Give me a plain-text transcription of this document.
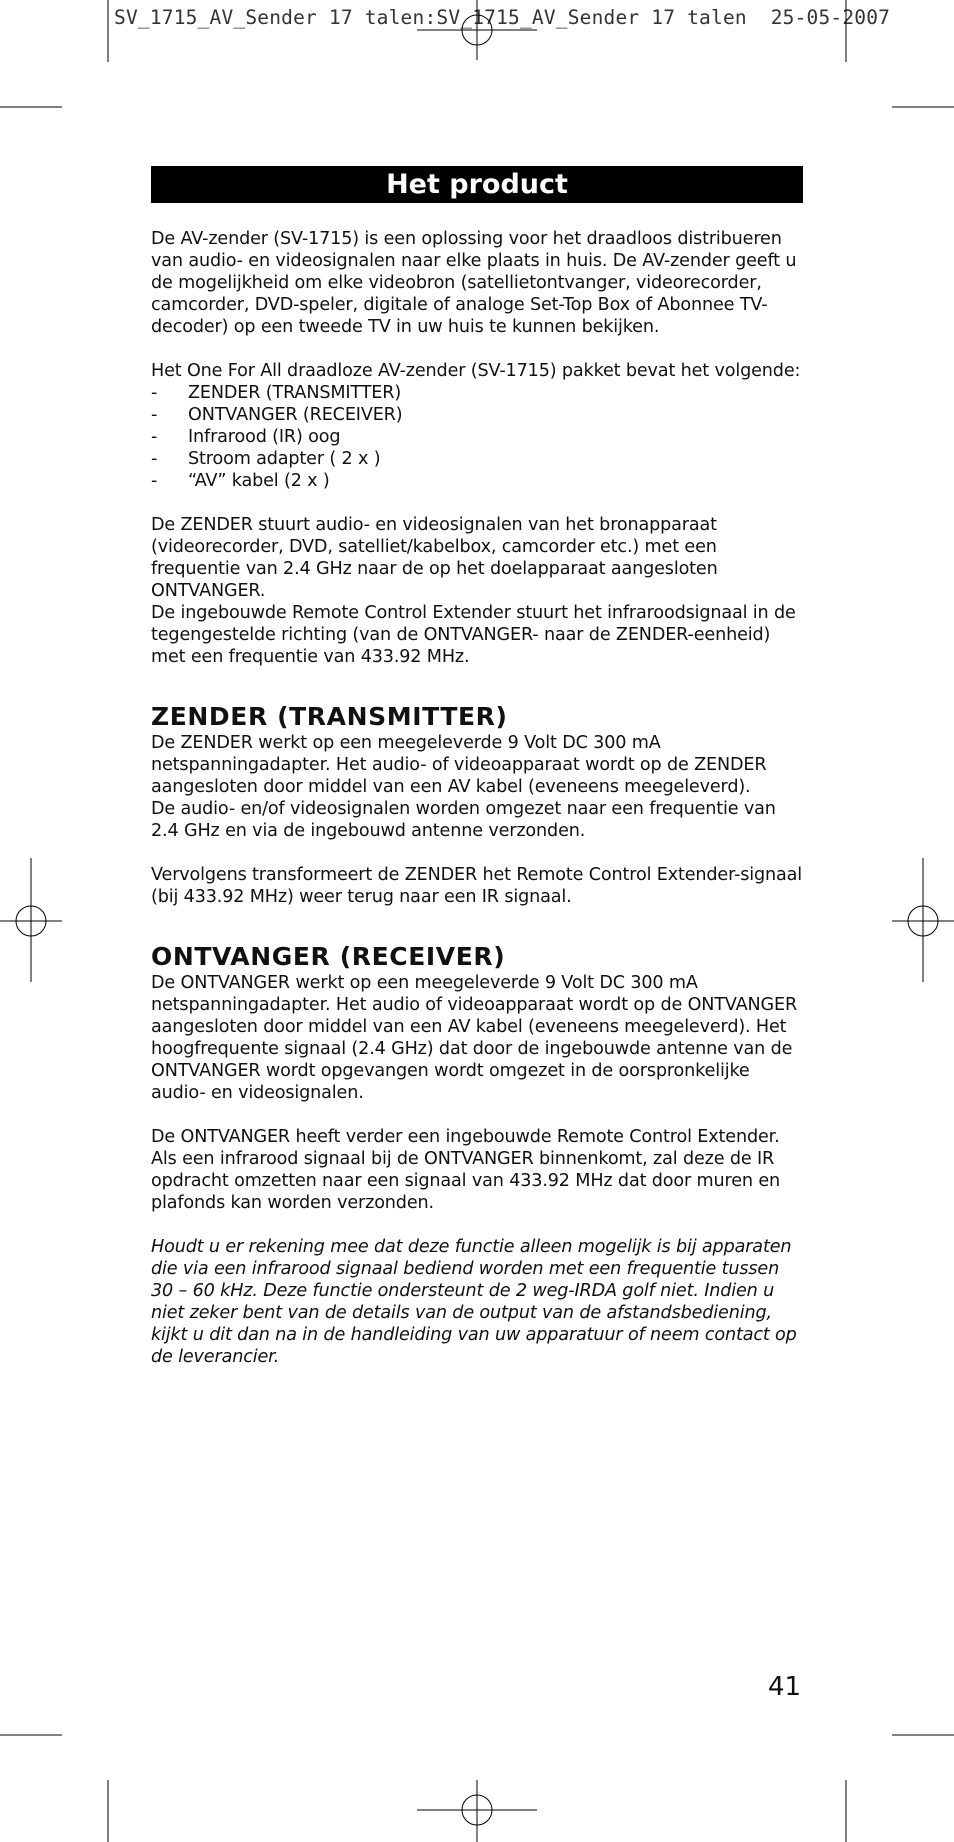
SV_1715_AV_Sender 17 talen:SV_1715_AV_Sender 17 talen  25-05-2007
Het product

De AV-zender (SV-1715) is een oplossing voor het draadloos distribueren van audio- en videosignalen naar elke plaats in huis. De AV-zender geeft u de mogelijkheid om elke videobron (satellietontvanger, videorecorder, camcorder, DVD-speler, digitale of analoge Set-Top Box of Abonnee TV-decoder) op een tweede TV in uw huis te kunnen bekijken.

Het One For All draadloze AV-zender (SV-1715) pakket bevat het volgende:

- ZENDER (TRANSMITTER)
- ONTVANGER (RECEIVER)
- Infrarood (IR) oog
- Stroom adapter ( 2 x )
- “AV” kabel (2 x )

De ZENDER stuurt audio- en videosignalen van het bronapparaat (videorecorder, DVD, satelliet/kabelbox, camcorder etc.) met een frequentie van 2.4 GHz naar de op het doelapparaat aangesloten ONTVANGER.

De ingebouwde Remote Control Extender stuurt het infraroodsignaal in de tegengestelde richting (van de ONTVANGER- naar de ZENDER-eenheid) met een frequentie van 433.92 MHz.

ZENDER (TRANSMITTER)

De ZENDER werkt op een meegeleverde 9 Volt DC 300 mA netspanningadapter. Het audio- of videoapparaat wordt op de ZENDER aangesloten door middel van een AV kabel (eveneens meegeleverd).

De audio- en/of videosignalen worden omgezet naar een frequentie van 2.4 GHz en via de ingebouwd antenne verzonden.

Vervolgens transformeert de ZENDER het Remote Control Extender-signaal (bij 433.92 MHz) weer terug naar een IR signaal.

ONTVANGER (RECEIVER)

De ONTVANGER werkt op een meegeleverde 9 Volt DC 300 mA netspanningadapter. Het audio of videoapparaat wordt op de ONTVANGER aangesloten door middel van een AV kabel (eveneens meegeleverd). Het hoogfrequente signaal (2.4 GHz) dat door de ingebouwde antenne van de ONTVANGER wordt opgevangen wordt omgezet in de oorspronkelijke audio- en videosignalen.

De ONTVANGER heeft verder een ingebouwde Remote Control Extender. Als een infrarood signaal bij de ONTVANGER binnenkomt, zal deze de IR opdracht omzetten naar een signaal van 433.92 MHz dat door muren en plafonds kan worden verzonden.

Houdt u er rekening mee dat deze functie alleen mogelijk is bij apparaten die via een infrarood signaal bediend worden met een frequentie tussen 30 – 60 kHz. Deze functie ondersteunt de 2 weg-IRDA golf niet. Indien u niet zeker bent van de details van de output van de afstandsbediening, kijkt u dit dan na in de handleiding van uw apparatuur of neem contact op de leverancier.

41
